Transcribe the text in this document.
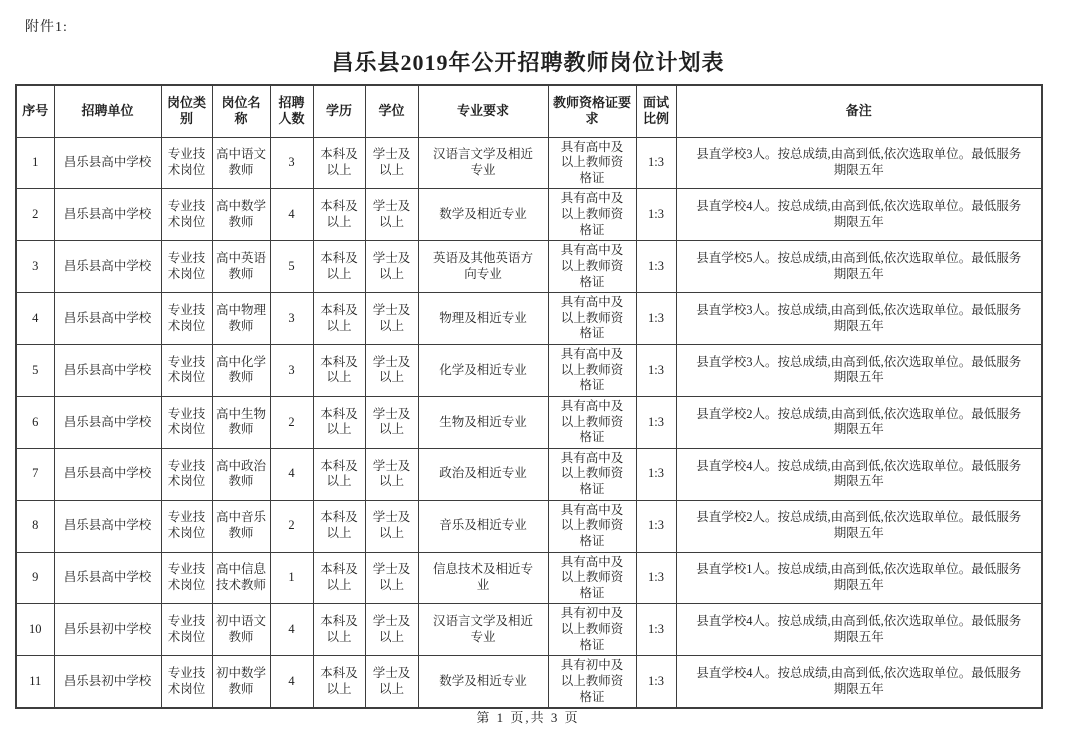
附件1:
昌乐县2019年公开招聘教师岗位计划表
序号	招聘单位	岗位类别	岗位名称	招聘人数	学历	学位	专业要求	教师资格证要求	面试比例	备注
1	昌乐县高中学校	专业技术岗位	高中语文教师	3	本科及以上	学士及以上	汉语言文学及相近专业	具有高中及以上教师资格证	1:3	县直学校3人。按总成绩,由高到低,依次选取单位。最低服务期限五年
2	昌乐县高中学校	专业技术岗位	高中数学教师	4	本科及以上	学士及以上	数学及相近专业	具有高中及以上教师资格证	1:3	县直学校4人。按总成绩,由高到低,依次选取单位。最低服务期限五年
3	昌乐县高中学校	专业技术岗位	高中英语教师	5	本科及以上	学士及以上	英语及其他英语方向专业	具有高中及以上教师资格证	1:3	县直学校5人。按总成绩,由高到低,依次选取单位。最低服务期限五年
4	昌乐县高中学校	专业技术岗位	高中物理教师	3	本科及以上	学士及以上	物理及相近专业	具有高中及以上教师资格证	1:3	县直学校3人。按总成绩,由高到低,依次选取单位。最低服务期限五年
5	昌乐县高中学校	专业技术岗位	高中化学教师	3	本科及以上	学士及以上	化学及相近专业	具有高中及以上教师资格证	1:3	县直学校3人。按总成绩,由高到低,依次选取单位。最低服务期限五年
6	昌乐县高中学校	专业技术岗位	高中生物教师	2	本科及以上	学士及以上	生物及相近专业	具有高中及以上教师资格证	1:3	县直学校2人。按总成绩,由高到低,依次选取单位。最低服务期限五年
7	昌乐县高中学校	专业技术岗位	高中政治教师	4	本科及以上	学士及以上	政治及相近专业	具有高中及以上教师资格证	1:3	县直学校4人。按总成绩,由高到低,依次选取单位。最低服务期限五年
8	昌乐县高中学校	专业技术岗位	高中音乐教师	2	本科及以上	学士及以上	音乐及相近专业	具有高中及以上教师资格证	1:3	县直学校2人。按总成绩,由高到低,依次选取单位。最低服务期限五年
9	昌乐县高中学校	专业技术岗位	高中信息技术教师	1	本科及以上	学士及以上	信息技术及相近专业	具有高中及以上教师资格证	1:3	县直学校1人。按总成绩,由高到低,依次选取单位。最低服务期限五年
10	昌乐县初中学校	专业技术岗位	初中语文教师	4	本科及以上	学士及以上	汉语言文学及相近专业	具有初中及以上教师资格证	1:3	县直学校4人。按总成绩,由高到低,依次选取单位。最低服务期限五年
11	昌乐县初中学校	专业技术岗位	初中数学教师	4	本科及以上	学士及以上	数学及相近专业	具有初中及以上教师资格证	1:3	县直学校4人。按总成绩,由高到低,依次选取单位。最低服务期限五年
第 1 页,共 3 页
